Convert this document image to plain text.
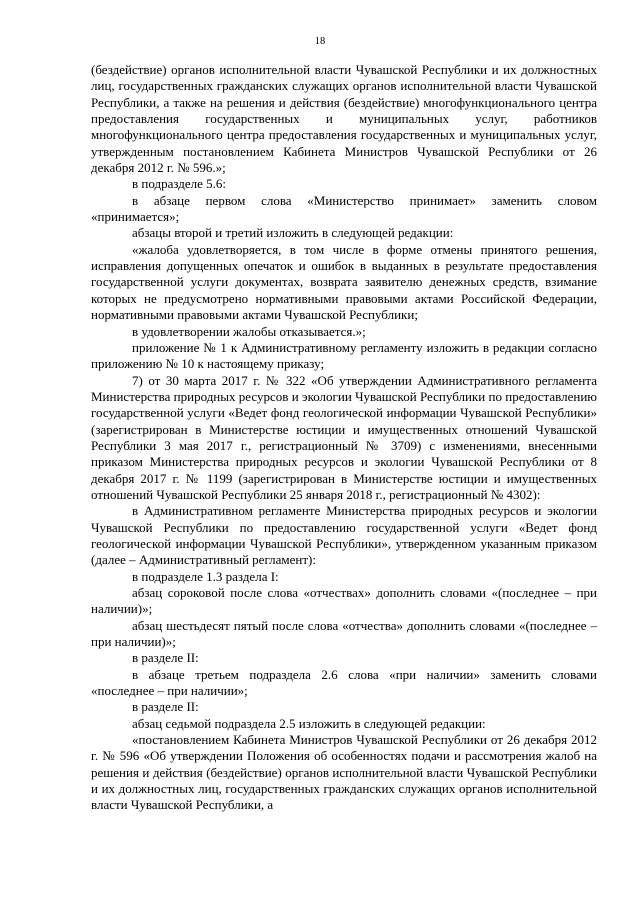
18

(бездействие) органов исполнительной власти Чувашской Республики и их должностных лиц, государственных гражданских служащих органов исполнительной власти Чувашской Республики, а также на решения и действия (бездействие) многофункционального центра предоставления государственных и муниципальных услуг, работников многофункционального центра предоставления государственных и муниципальных услуг, утвержденным постановлением Кабинета Министров Чувашской Республики от 26 декабря 2012 г. № 596.»;

в подразделе 5.6:

в абзаце первом слова «Министерство принимает» заменить словом «принимается»;

абзацы второй и третий изложить в следующей редакции:

«жалоба удовлетворяется, в том числе в форме отмены принятого решения, исправления допущенных опечаток и ошибок в выданных в результате предоставления государственной услуги документах, возврата заявителю денежных средств, взимание которых не предусмотрено нормативными правовыми актами Российской Федерации, нормативными правовыми актами Чувашской Республики;

в удовлетворении жалобы отказывается.»;

приложение № 1 к Административному регламенту изложить в редакции согласно приложению № 10 к настоящему приказу;

7) от 30 марта 2017 г. № 322 «Об утверждении Административного регламента Министерства природных ресурсов и экологии Чувашской Республики по предоставлению государственной услуги «Ведет фонд геологической информации Чувашской Республики» (зарегистрирован в Министерстве юстиции и имущественных отношений Чувашской Республики 3 мая 2017 г., регистрационный № 3709) с изменениями, внесенными приказом Министерства природных ресурсов и экологии Чувашской Республики от 8 декабря 2017 г. № 1199 (зарегистрирован в Министерстве юстиции и имущественных отношений Чувашской Республики 25 января 2018 г., регистрационный № 4302):

в Административном регламенте Министерства природных ресурсов и экологии Чувашской Республики по предоставлению государственной услуги «Ведет фонд геологической информации Чувашской Республики», утвержденном указанным приказом (далее – Административный регламент):

в подразделе 1.3 раздела I:

абзац сороковой после слова «отчествах» дополнить словами «(последнее – при наличии)»;

абзац шестьдесят пятый после слова «отчества» дополнить словами «(последнее – при наличии)»;

в разделе II:

в абзаце третьем подраздела 2.6 слова «при наличии» заменить словами «последнее – при наличии»;

в разделе II:

абзац седьмой подраздела 2.5 изложить в следующей редакции:

«постановлением Кабинета Министров Чувашской Республики от 26 декабря 2012 г. № 596 «Об утверждении Положения об особенностях подачи и рассмотрения жалоб на решения и действия (бездействие) органов исполнительной власти Чувашской Республики и их должностных лиц, государственных гражданских служащих органов исполнительной власти Чувашской Республики, а
